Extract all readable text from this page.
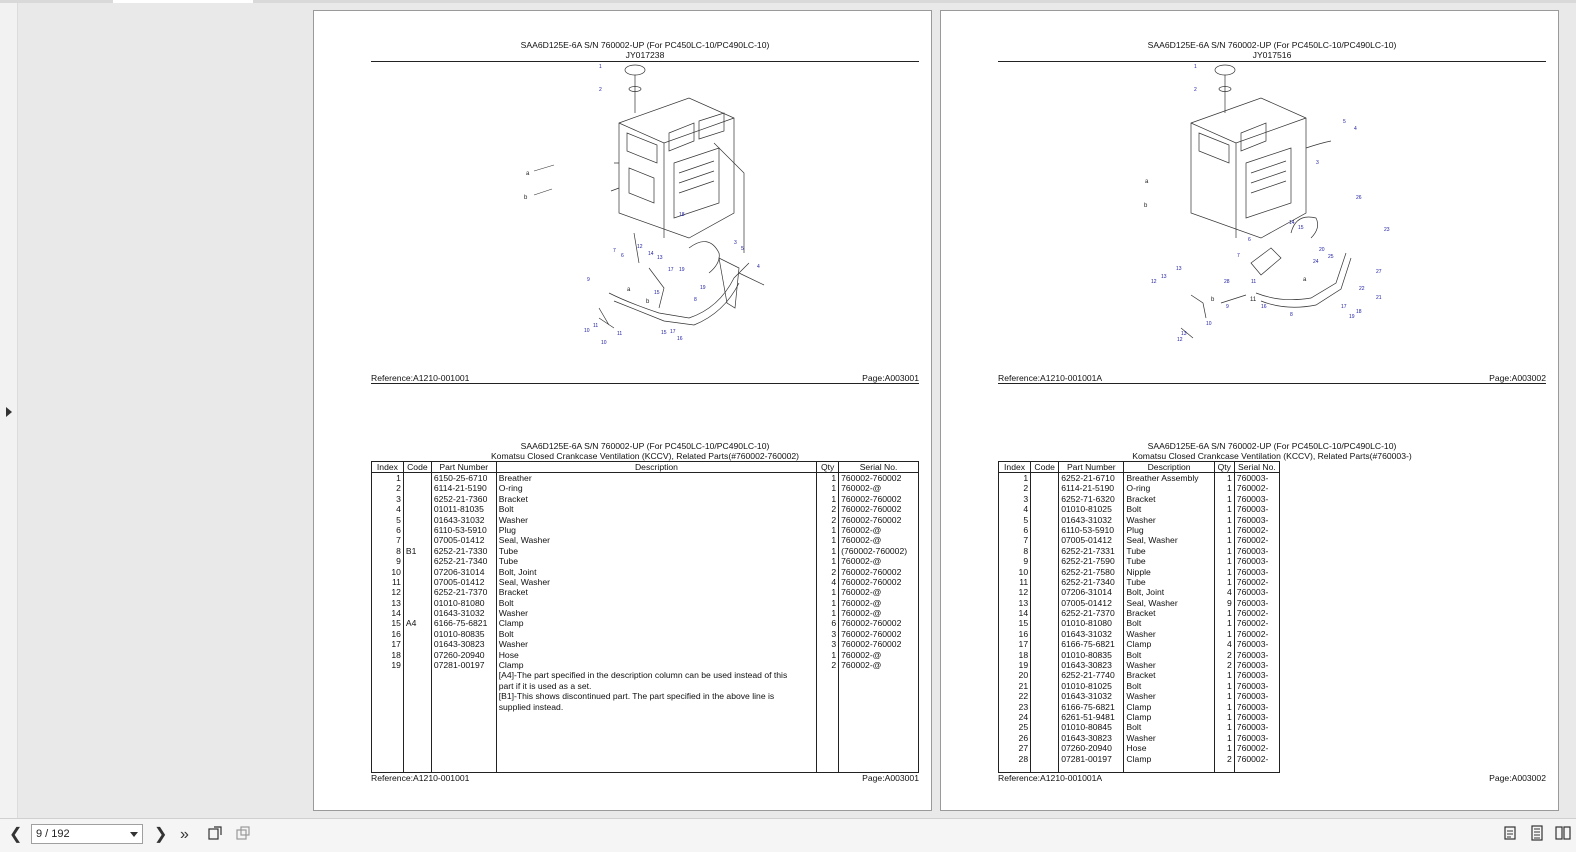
SAA6D125E-6A S/N 760002-UP (For PC450LC-10/PC490LC-10)
JY017238
1
2
3
4
5
6
7
8
9
10
10
11
11
12
13
14
15
15
16
17
17
18
19
19
a
b
a
b
Reference:A1210-001001	Page:A003001
SAA6D125E-6A S/N 760002-UP (For PC450LC-10/PC490LC-10)
Komatsu Closed Crankcase Ventilation (KCCV), Related Parts(#760002-760002)
Index	Code	Part Number	Description	Qty	Serial No.
1		6150-25-6710	Breather	1	760002-760002
2		6114-21-5190	O-ring	1	760002-@
3		6252-21-7360	Bracket	1	760002-760002
4		01011-81035	Bolt	2	760002-760002
5		01643-31032	Washer	2	760002-760002
6		6110-53-5910	Plug	1	760002-@
7		07005-01412	Seal, Washer	1	760002-@
8	B1	6252-21-7330	Tube	1	(760002-760002)
9		6252-21-7340	Tube	1	760002-@
10		07206-31014	Bolt, Joint	2	760002-760002
11		07005-01412	Seal, Washer	4	760002-760002
12		6252-21-7370	Bracket	1	760002-@
13		01010-81080	Bolt	1	760002-@
14		01643-31032	Washer	1	760002-@
15	A4	6166-75-6821	Clamp	6	760002-760002
16		01010-80835	Bolt	3	760002-760002
17		01643-30823	Washer	3	760002-760002
18		07260-20940	Hose	1	760002-@
19		07281-00197	Clamp	2	760002-@
			[A4]-The part specified in the description column can be used instead of this		
			part if it is used as a set.		
			[B1]-This shows discontinued part. The part specified in the above line is		
			supplied instead.		

Reference:A1210-001001	Page:A003001
SAA6D125E-6A S/N 760002-UP (For PC450LC-10/PC490LC-10)
JY017516
1
2
3
4
5
6
7
8
9
10
11
12
12
13
13
13
14
15
16	17
18
19
20
21
22
23
24
25
26
27
28
a
b
a
b	11
Reference:A1210-001001A	Page:A003002
SAA6D125E-6A S/N 760002-UP (For PC450LC-10/PC490LC-10)
Komatsu Closed Crankcase Ventilation (KCCV), Related Parts(#760003-)
Index	Code	Part Number	Description	Qty	Serial No.
1		6252-21-6710	Breather Assembly	1	760003-
2		6114-21-5190	O-ring	1	760002-
3		6252-71-6320	Bracket	1	760003-
4		01010-81025	Bolt	1	760003-
5		01643-31032	Washer	1	760003-
6		6110-53-5910	Plug	1	760002-
7		07005-01412	Seal, Washer	1	760002-
8		6252-21-7331	Tube	1	760003-
9		6252-21-7590	Tube	1	760003-
10		6252-21-7580	Nipple	1	760003-
11		6252-21-7340	Tube	1	760002-
12		07206-31014	Bolt, Joint	4	760003-
13		07005-01412	Seal, Washer	9	760003-
14		6252-21-7370	Bracket	1	760002-
15		01010-81080	Bolt	1	760002-
16		01643-31032	Washer	1	760002-
17		6166-75-6821	Clamp	4	760003-
18		01010-80835	Bolt	2	760003-
19		01643-30823	Washer	2	760003-
20		6252-21-7740	Bracket	1	760003-
21		01010-81025	Bolt	1	760003-
22		01643-31032	Washer	1	760003-
23		6166-75-6821	Clamp	1	760003-
24		6261-51-9481	Clamp	1	760003-
25		01010-80845	Bolt	1	760003-
26		01643-30823	Washer	1	760003-
27		07260-20940	Hose	1	760002-
28		07281-00197	Clamp	2	760002-

Reference:A1210-001001A	Page:A003002
❮	9 / 192	❯ »
